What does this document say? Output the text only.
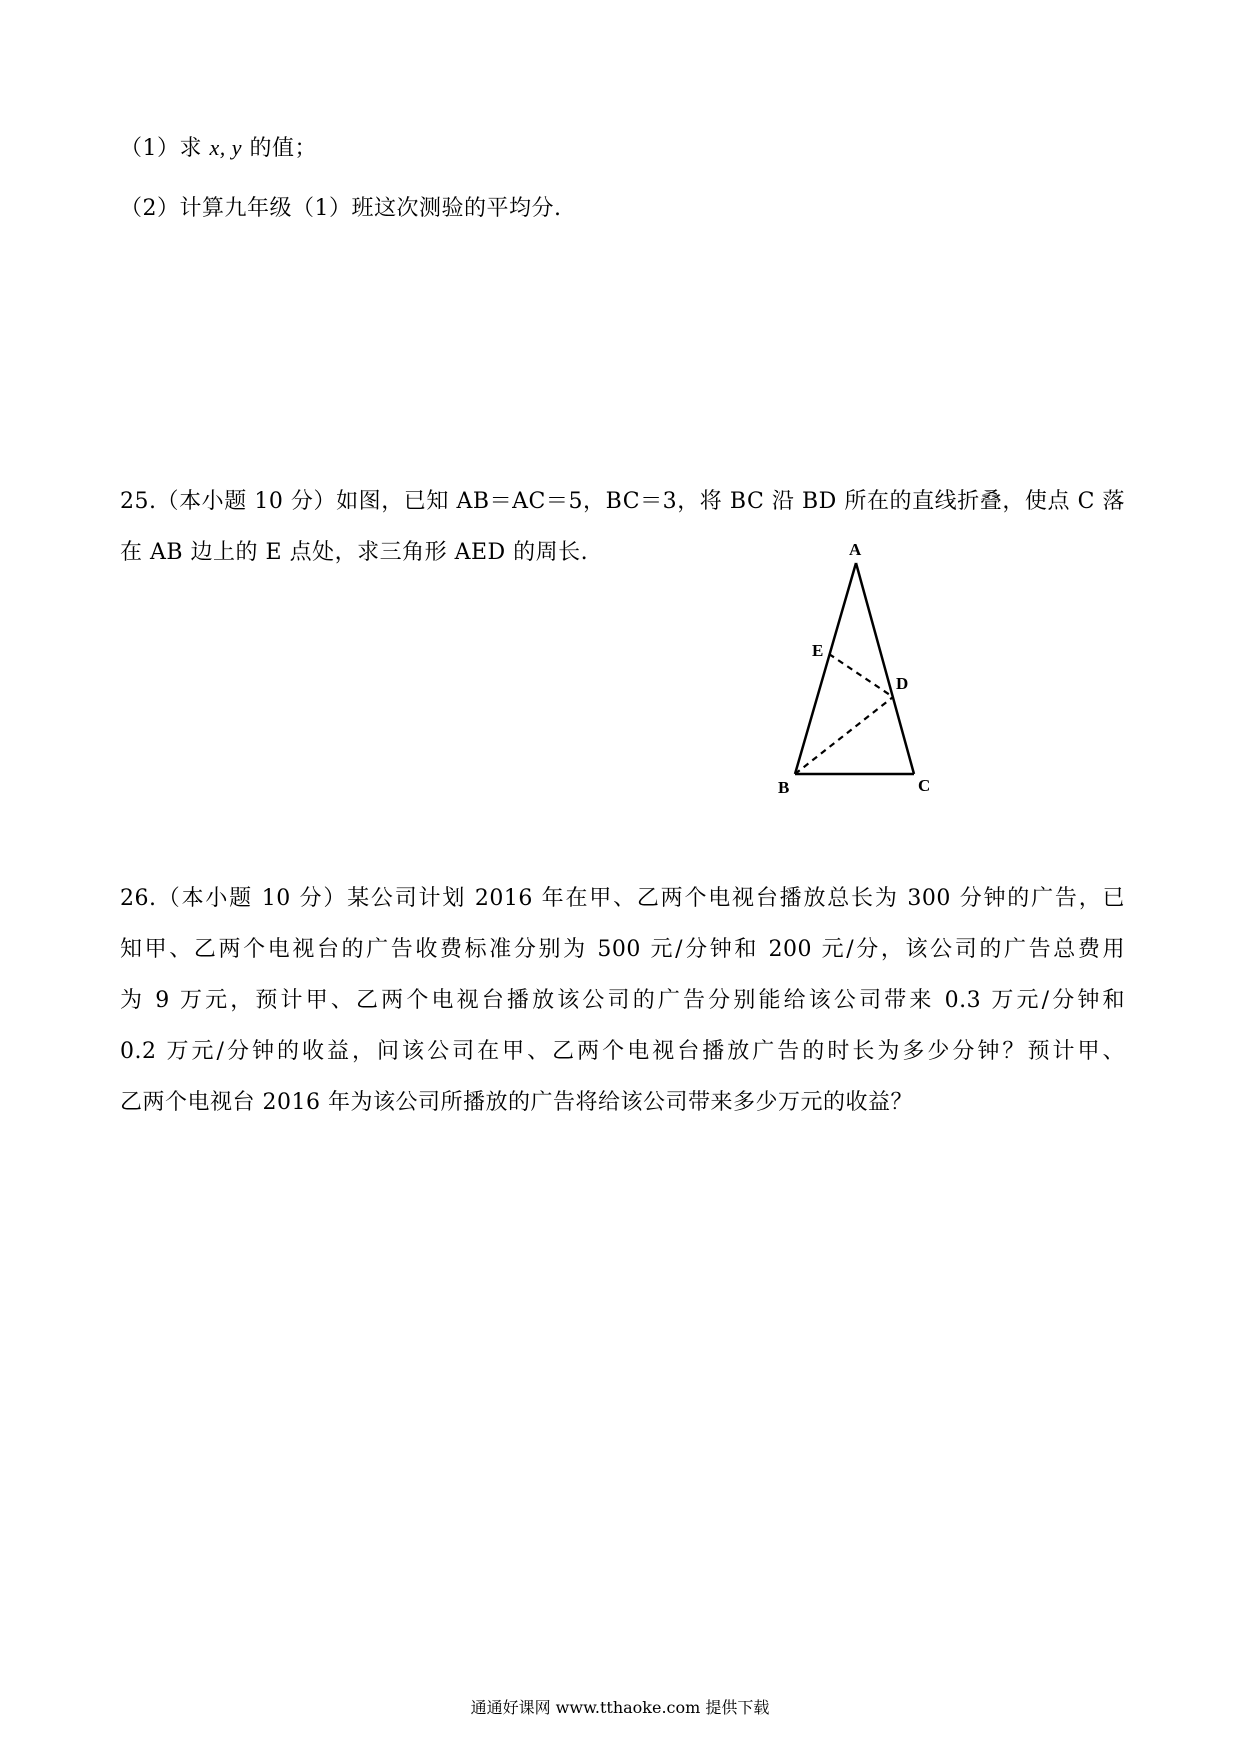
（1）求 x, y 的值；
（2）计算九年级（1）班这次测验的平均分.
25.（本小题 10 分）如图，已知 AB＝AC＝5，BC＝3，将 BC 沿 BD 所在的直线折叠，使点 C 落
在 AB 边上的 E 点处，求三角形 AED 的周长.	A
E
D
B	C
26.（本小题 10 分）某公司计划 2016 年在甲、乙两个电视台播放总长为 300 分钟的广告，已
知甲、乙两个电视台的广告收费标准分别为 500 元/分钟和 200 元/分，该公司的广告总费用
为 9 万元，预计甲、乙两个电视台播放该公司的广告分别能给该公司带来 0.3 万元/分钟和
0.2 万元/分钟的收益，问该公司在甲、乙两个电视台播放广告的时长为多少分钟？预计甲、
乙两个电视台 2016 年为该公司所播放的广告将给该公司带来多少万元的收益？
通通好课网 www.tthaoke.com 提供下载
